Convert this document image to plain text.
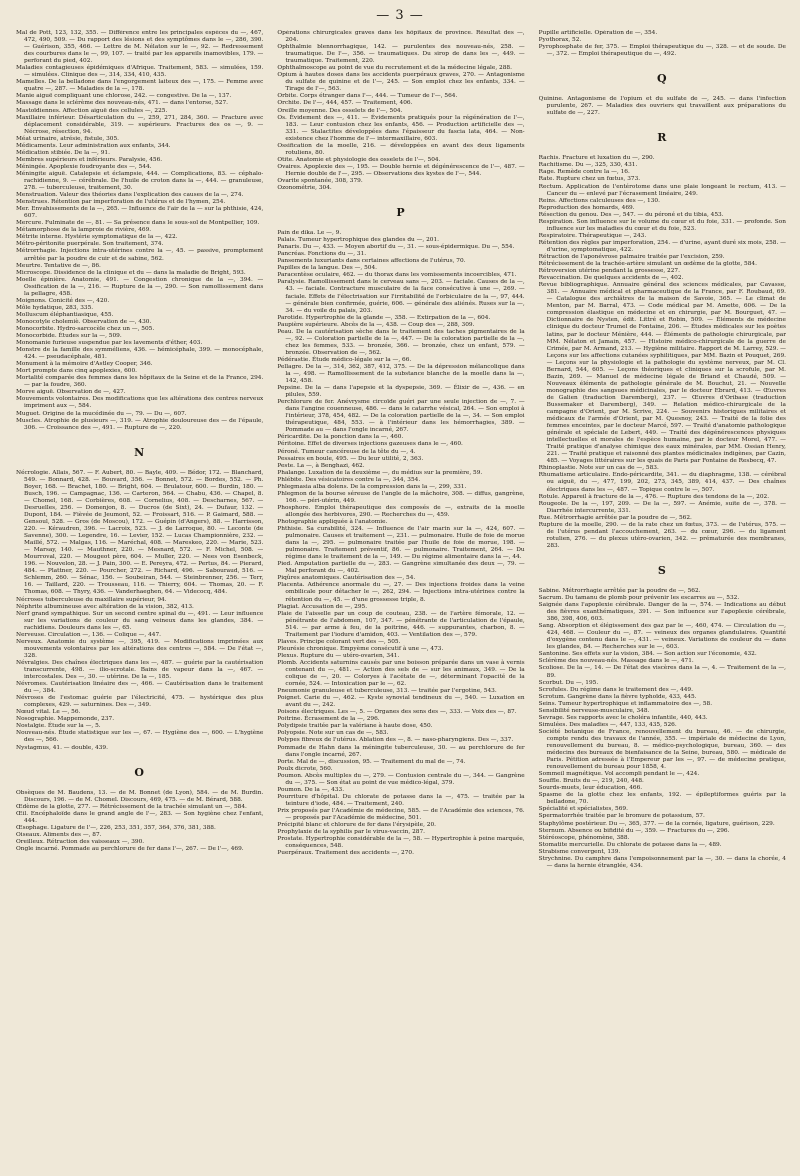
— 3 —

Mal de Pott, 123, 132, 355. — Différence entre les principales espèces du —, 467, 472, 490, 509. — Du rapport des lésions et des symptômes dans le —, 286, 390. — Guérison, 355, 466. — Lettre de M. Nélaton sur le —, 92. — Redressement des courbures dans le —, 99, 107. — traité par les appareils inamovibles, 179. — perforant du pied, 402.

Maladies contagieuses épidémiques d'Afrique. Traitement, 583. — simulées, 159. — simulées. Clinique des —, 314, 334, 410, 435.

Mamelles. De la belladone dans l'engorgement laiteux des —, 175. — Femme avec quatre —, 287. — Maladies de la —, 178.

Manie aiguë compliquant une chlorose, 242. — congestive. De la —, 137.

Massage dans le sclérème des nouveau-nés, 471. — dans l'entorse, 527.

Mastoïdiennes. Affection aiguë des cellules —, 225.

Maxillaire inférieur. Désarticulation du —, 259, 271, 284, 360. — Fracture avec déplacement considérable, 319. — supérieurs. Fractures des os —, 9. — Nécrose, résection, 94.

Méat urinaire, atrésie, fistule, 305.

Médicaments. Leur administration aux enfants, 344.

Médication stibiée. De la —, 91.

Membres supérieurs et inférieurs. Paralysie, 456.

Méningée. Apoplexie foudroyante des —, 544.

Méningite aiguë. Catalepsie et éclampsie, 444. — Complications, 83. — céphalo-rachidienne, 9. — cérébrale. De l'huile de croton dans la —, 444. — granuleuse, 278. — tuberculeuse, traitement, 30.

Menstruation. Valeur des théories dans l'explication des causes de la —, 274.

Menstrues. Rétention par imperforation de l'utérus et de l'hymen, 254.

Mer. Envahissements de la —, 265. — Influence de l'air de la — sur la phthisie, 424, 607.

Mercure. Fulminate de —, 81. — Sa présence dans le sous-sol de Montpellier, 109.

Métamorphose de la lamproie de rivière, 469.

Métrite interne. Hystérie symptomatique de la —, 422.

Métro-péritonite puerpérale. Son traitement, 374.

Métrorrhagie. Injections intra-utérines contre la —, 45. — passive, promptement arrêtée par la poudre de cuir et de sabine, 562.

Meurtre. Tentative de —, 86.

Microscope. Dissidence de la clinique et du — dans la maladie de Bright, 593.

Moelle épinière. Anatomie, 491. — Congestion chronique de la —, 394. — Ossification de la —, 216. — Rupture de la —, 290. — Son ramollissement dans la pellagre, 458.

Moignons. Conicité des —, 420.

Môle hydatique, 283, 335.

Molluscum éléphantiasique, 455.

Monocotyle cholemiè. Observation de —, 430.

Monocorbite. Hydro-sarcocèle chez un —, 505.

Monocorbide. Études sur la —, 509.

Monomanie furieuse suspendue par les lavements d'éther, 403.

Monstre de la famille des symméliens, 436. — hémicéphale, 399. — monocéphale, 424. — pseudacéphale, 481.

Monument à la mémoire d'Astley Cooper, 346.

Mort prompte dans cinq apoplexies, 600.

Mortalité comparée des femmes dans les hôpitaux de la Seine et de la France, 294. — par la foudre, 360.

Morve aiguë. Observation de —, 427.

Mouvements volontaires. Des modifications que les altérations des centres nerveux impriment aux —, 584.

Muguet. Origine de la mucédinée du —, 79. — Du —, 607.

Muscles. Atrophie de plusieurs —, 319. — Atrophie douloureuse des — de l'épaule, 306. — Croissance des —, 491. — Rupture de —, 220.

N

Nécrologie. Allais, 567. — F. Aubert, 80. — Bayle, 409. — Bédor, 172. — Blanchard, 549. — Bonnard, 428. — Bouvard, 356. — Bonnet, 572. — Bordes, 552. — Ph. Boyer, 168. — Brachet, 180. — Bright, 604. — Brulatour, 600. — Burdin, 180. — Busch, 196. — Campagnac, 136. — Carteron, 564. — Chabu, 436. — Chapel, 8. — Chomel, 168. — Corbières, 608. — Cornelius, 408. — Descharnes, 567. — Desruelles, 256. — Domenjon, 8. — Ducros (de Sixt), 24. — Dufaur, 132. — Dupont, 184. — Fièvée de Jeumont, 52. — Froissart, 516. — P. Gaimard, 588. — Gensoul, 528. — Gros (de Moscou), 172. — Guépin (d'Angers), 88. — Harrisson, 220. — Kéraudren, 396. — Lacroix, 523. — J. de Larroque, 80. — Leconte (de Savenne), 300. — Legendre, 16. — Levier, 152. — Lucas Championnière, 232. — Maillé, 572. — Malgas, 116. — Maréchal, 408. — Mareskeo, 220. — Marie, 523. — Marsay, 140. — Mauthner, 220. — Mesnard, 572. — F. Michel, 508. — Mourroval, 220. — Mougeot père, 604. — Muller, 220. — Nees von Esenbeck, 196. — Nouvelon, 28. — J. Pain, 300. — E. Pereyra, 472. — Pertus, 84. — Pierard, 484. — Plattner, 220. — Pourcher, 272. — Richard, 496. — Sabouraud, 516. — Schlemm, 260. — Sénac, 156. — Soubeiran, 544. — Steinbrenner, 256. — Terr, 16. — Taillard, 220. — Trousseau, 116. — Thierry, 604. — Thomas, 20. — F. Thomas, 608. — Thyry, 436. — Vanderhaeghen, 64. — Videcocq, 484.

Nécroses tuberculeuse du maxillaire supérieur, 94.

Néphrite albumineuse avec altération de la vision, 382, 413.

Nerf grand sympathique. Sur un second centre spinal du —, 491. — Leur influence sur les variations de couleur du sang veineux dans les glandes, 384. — rachidiens. Douleurs dans les —, 65.

Nerveuse. Circulation —, 136. — Colique —, 447.

Nerveux. Anatomie du système —, 395, 419. — Modifications imprimées aux mouvements volontaires par les altérations des centres —, 584. — De l'état —, 328.

Névralgies. Des chaînes électriques dans les —, 487. — guérie par la cautérisation transcurrente, 498. — ilio-scrotale. Bains de vapeur dans la —, 467. — intercostales. Des —, 30. — utérine. De la —, 185.

Névromes. Cautérisation linéaire des —, 466. — Cautérisation dans le traitement du —, 384.

Névroses de l'estomac guérie par l'électricité, 475. — hystérique des plus complexes, 429. — saturnines. Des —, 349.

Nœud vital. Le —, 56.

Nosographie. Mappemonde, 237.

Nostalgie. Étude sur la —, 5.

Nouveau-nés. Étude statistique sur les —, 67. — Hygiène des —, 600. — L'hygiène des —, 566.

Nystagmus, 41. — double, 439.

O

Obsèques de M. Baudens, 13. — de M. Bonnet (de Lyon), 584. — de M. Burdin. Discours, 196. — de M. Chomel. Discours, 469, 475. — de M. Bérard, 588.

Œdème de la glotte, 277. — Rétrécissement de la trachée simulant un —, 584.

Œil. Encéphaloïde dans le grand angle de l'—, 283. — Son hygiène chez l'enfant, 444.

Œsophage. Ligature de l'—, 226, 253, 351, 357, 364, 376, 381, 388.

Oiseaux. Aliments des —, 87.

Oreilleux. Rétraction des vaisseaux —, 390.

Ongle incarné. Pommade au perchlorure de fer dans l'—, 267. — De l'—, 469.

Opérations chirurgicales graves dans les hôpitaux de province. Résultat des —, 204.

Ophthalmie blennorrhagique, 142. — purulentes des nouveau-nés, 258. — traumatique. De l'—, 356. — traumatiques. Du sirop de dans les —, 449. — traumatique. Traitement, 220.

Ophthalmoscope au point de vue du recrutement et de la médecine légale, 288.

Opium à hautes doses dans les accidents puerpéraux graves, 270. — Antagonisme du sulfate de quinine et de l'—, 245. — Son emploi chez les enfants, 334. — Tirage de l'—, 563.

Orbite. Corps étranger dans l'—, 444. — Tumeur de l'—, 564.

Orchite. De l'—, 444, 457. — Traitement, 406.

Oreille moyenne. Des osselets de l'—, 504.

Os. Évidement des —, 411. — Évidements pratiqués pour la régénération de l'—, 183. — Leur contusion chez les enfants, 456. — Production artificielle des —, 331. — Stalactites développées dans l'épaisseur du fascia lata, 464. — Non-existence chez l'homme de l'— intermaxillaire, 603.

Ossification de la moelle, 216. — développées en avant des deux ligaments rotuliens, 80.

Otite. Anatomie et physiologie des osselets de l'—, 504.

Ovaires. Apoplexie des —, 195. — Double hernie et dégénérescence de l'—, 487. — Hernie double de l'—, 295. — Observations des kystes de l'—, 544.

Ovarite spontanée, 308, 379.

Ozonométrie, 304.

P

Pain de dika. Le —, 9.

Palais. Tumeur hypertrophique des glandes du —, 201.

Panaris. Du —, 433. — Moyen abortif du —, 31. — sous-épidermique. Du —, 554.

Pancréas. Fonctions du —, 31.

Pansements luxuriants dans certaines affections de l'utérus, 70.

Papilles de la langue. Des —, 504.

Paracentèse oculaire, 462. — du thorax dans les vomissements incoercibles, 471.

Paralysie. Ramollissement dans le cerveau sans —, 203. — faciale. Causes de la —, 43. — faciale. Contracture musculaire de la face consécutive à une —, 269. — faciale. Effets de l'électrisation sur l'irritabilité de l'orbiculaire de la —, 97, 444. — générale bien confirmée, guérie, 606. — générale des aliénés. Ruses sur la —, 34. — du voile du palais, 203.

Parotide. Hypertrophie de la glande —, 358. — Extirpation de la —, 604.

Paupière supérieure. Abcès de la —, 438. — Coup des —, 288, 309.

Peau. De la cautérisation sèche dans le traitement des taches pigmentaires de la —, 92. — Coloration partielle de la —, 447. — De la coloration partielle de la —, chez les femmes, 533. — bronzée, 366. — bronzée, chez un enfant, 579. — bronzée. Observation de —, 562.

Pédérastie. Étude médico-légale sur la —, 66.

Pellagre. De la —, 314, 362, 387, 412, 375. — De la dépression mélancolique dans la —, 498. — Ramollissement de la substance blanche de la moelle dans la —, 142, 458.

Pepsine. De la — dans l'apepsie et la dyspepsie, 369. — Élixir de —, 436. — en pilules, 559.

Perchlorure de fer. Anévrysme circoïde guéri par une seule injection de —, 7. — dans l'angine couenneuse, 486. — dans le catarrhe vésical, 264. — Son emploi à l'intérieur, 378, 454, 482. — De la coloration partielle de la —, 34. — Son emploi thérapeutique, 484, 553. — à l'intérieur dans les hémorrhagies, 389. — Pommade au — dans l'ongle incarné, 267.

Péricardite. De la ponction dans la —, 460.

Péritoine. Effet de diverses injections gazeuses dans le —, 460.

Péroné. Tumeur cancéreuse de la tête du —, 4.

Pessaires en boule, 495. — Du leur utilité, 2, 363.

Peste. La —, à Benghazi, 462.

Phalange. Luxation de la deuxième —, du médius sur la première, 59.

Phlébite. Des vésicatoires contre la —, 344, 354.

Phlegmasia alba dolens. De la compression dans la —, 299, 331.

Phlegmon de la bourse séreuse de l'angle de la mâchoire, 308. — diffus, gangrène, 166. — péri-utérin, 449.

Phosphore. Emploi thérapeutique des composés de —, extraits de la moelle allongée des herbivores, 290. — Recherches du —, 459.

Photographie appliquée à l'anatomie.

Phthisie. Sa curabilité, 324. — Influence de l'air marin sur la —, 424, 607. — pulmonaire. Causes et traitement —, 231. — pulmonaire. Huile de foie de morue dans la —, 295. — pulmonaire traitée par l'huile de foie de morue, 198. — pulmonaire. Traitement préventif, 86. — pulmonaire. Traitement, 264. — Du régime dans le traitement de la —, 149. — Du régime alimentaire dans la —, 44.

Pied. Amputation partielle du —, 283. — Gangrène simultanée des deux —, 79. — Mal perforant du —, 402.

Piqûres anatomiques. Cautérisation des —, 54.

Placenta. Adhérence anormale du —, 27. — Des injections froides dans la veine ombilicale pour détacher le —, 262, 294. — Injections intra-utérines contre la rétention du —, 45. — d'une grossesse triple, 8.

Plagiat. Accusation de —, 295.

Plaie de l'aisselle par un coup de couteau, 238. — de l'artère fémorale, 12. — pénétrante de l'abdomen, 107, 347. — pénétrante de l'articulation de l'épaule, 514. — par arme à feu, de la poitrine, 446. — suppurantes, charbon, 8. — Traitement par l'iodure d'amidon, 403. — Ventilation des —, 579.

Plaves. Principe colorant vert des —, 505.

Pleurésie chronique. Empyème consécutif à une —, 473.

Plexus. Rupture du — utéro-ovarien, 341.

Plomb. Accidents saturnins causés par une boisson préparée dans un vase à vernis contenant du —, 481. — Action des sels de — sur les animaux, 349. — De la colique de —, 20. — Coloryes à l'acétate de —, déterminant l'opacité de la cornée, 524. — Intoxication par le —, 62.

Pneumonie granuleuse et tuberculeuse, 313. — traitée par l'ergotine, 543.

Poignet. Carie du —, 462. — Kyste synovial tendineux du —, 540. — Luxation en avant du —, 242.

Poisons électriques. Les —, 5. — Organes des sens des —, 333. — Voix des —, 87.

Poitrine. Écrasement de la —, 296.

Polydipsie traitée par la valériane à haute dose, 450.

Polyopsie. Note sur un cas de —, 583.

Polypes fibreux de l'utérus. Ablation des —, 8. — naso-pharyngiens. Des —, 337.

Pommade de Hahn dans la méningite tuberculeuse, 30. — au perchlorure de fer dans l'ongle incarné, 267.

Porte. Mal de —, discussion, 95. — Traitement du mal de —, 74.

Poulx dicrote, 560.

Poumon. Abcès multiples du —, 279. — Contusion centrale du —, 344. — Gangrène du —, 375. — Son état au point de vue médico-légal, 379.

Poumon. De la —, 433.

Pourriture d'hôpital. Du chlorate de potasse dans la —, 475. — traitée par la teinture d'iode, 484. — Traitement, 240.

Prix proposés par l'Académie de médecine, 585. — de l'Académie des sciences, 76. — proposés par l'Académie de médecine, 501.

Précipité blanc et chlorure de fer dans l'érysipèle, 20.

Prophylaxie de la syphilis par le virus-vaccin, 287.

Prostate. Hypertrophie considérable de la —, 58. — Hypertrophie à peine marquée, conséquences, 548.

Puerpéraux. Traitement des accidents —, 270.

Pupille artificielle. Opération de —, 354.

Pyothorax, 52.

Pyrophosphate de fer, 375. — Emploi thérapeutique du —, 328. — et de soude. De —, 372. — Emploi thérapeutique du —, 492.

Q

Quinine. Antagonisme de l'opium et du sulfate de —, 245. — dans l'infection purulente, 267. — Maladies des ouvriers qui travaillent aux préparations du sulfate de —, 227.

R

Rachis. Fracture et luxation du —, 290.

Rachitisme. Du —, 325, 330, 431.

Rage. Remède contre la —, 16.

Rate. Rupture chez un fœtus, 373.

Rectum. Application de l'entérotome dans une plaie longeant le rectum, 413. — Cancer du — enlevé par l'écrasement linéaire, 249.

Reins. Affections calculeuses des —, 130.

Reproduction des homards, 469.

Résection du genou. Des —, 547. — du péroné et du tibia, 453.

Respiration. Son influence sur le volume du cœur et du foie, 331. — profonde. Son influence sur les maladies du cœur et du foie, 523.

Respiratoire. Thérapeutique —, 243.

Rétention des règles par imperforation, 254. — d'urine, ayant duré six mois, 258. — d'urine, symptomatique, 422.

Rétraction de l'aponévrose palmaire traitée par l'excision, 259.

Rétrécissement de la trachée-artère simulant un œdème de la glotte, 584.

Rétroversion utérine pendant la grossesse, 227.

Revaccination. De quelques accidents de —, 402.

Revue bibliographique. Annuaire général des sciences médicales, par Cavasse, 381. — Annuaire médical et pharmaceutique de la France, par F. Roubaud, 69. — Catalogue des archiâtres de la maison de Savoie, 365. — Le climat de Menton, par M. Barral, 473. — Code médical par M. Amette, 606. — De la compression élastique en médecine et en chirurgie, par M. Bourguet, 47. — Dictionnaire de Nysten, édit. Littré et Robin, 509. — Éléments de médecine clinique du docteur Trumel de Fontaine, 206. — Études médicales sur les poètes latins, par le docteur Ménière, 444. — Éléments de pathologie chirurgicale, par MM. Nélaton et Jamain, 457. — Histoire médico-chirurgicale de la guerre de Crimée, par M. Armand, 213. — Hygiène militaire. Rapport de M. Larrey, 529. — Leçons sur les affections cutanées syphilitiques, par MM. Bazin et Pouquet, 269. — Leçons sur la physiologie et la pathologie du système nerveux, par M. Cl. Bernard, 544, 605. — Leçons théoriques et cliniques sur la scrofule, par M. Bazin, 269. — Manuel de médecine légale de Briand et Chaudé, 509. — Nouveaux éléments de pathologie générale de M. Bouchut, 21. — Nouvelle monographie des sangsues médicinales, par le docteur Ebrard, 413. — Œuvres de Galien (traduction Daremberg), 237. — Œuvres d'Oribase (traduction Bussemaker et Daremberg), 349. — Relation médico-chirurgicale de la campagne d'Orient, par M. Scrive, 224. — Souvenirs historiques militaires et médicaux de l'armée d'Orient, par M. Quesnoy, 243. — Traité de la folie des femmes enceintes, par le docteur Marcé, 597. — Traité d'anatomie pathologique générale et spéciale de Lebert, 449. — Traité des dégénérescences physiques intellectuelles et morales de l'espèce humaine, par le docteur Morel, 477. — Traité pratique d'analyse chimique des eaux minérales, par MM. Ossian Henry, 221. — Traité pratique et raisonné des plantes médicinales indigènes, par Cazin, 485. — Voyages littéraires sur les quais de Paris par Fontaine de Resbecq, 47.

Rhinoplastie. Note sur un cas de —, 583.

Rhumatisme articulaire. Endo-péricardite, 341. — du diaphragme, 138. — cérébral ou aiguë, du —, 477, 199, 202, 273, 345, 389, 414, 437. — Des chaînes électriques dans les —, 487. — Topique contre le —, 507.

Rotule. Appareil à fracture de la —, 476. — Rupture des tendons de la —, 202.

Rougeole. De la —, 197, 209. — De la —, 597. — Anémie, suite de —, 378. — Diarrhée intercurrente, 331.

Rue. Métrorrhagie arrêtée par la poudre de —, 562.

Rupture de la moelle, 290. — de la rate chez un fœtus, 373. — de l'utérus, 575. — de l'utérus pendant l'accouchement, 263. — du cœur, 296. — du ligament rotulien, 276. — du plexus utéro-ovarien, 342. — prématurée des membranes, 283.

S

Sabine. Métrorrhagie arrêtée par la poudre de —, 562.

Sacrum. Du tamanu de plomb pour prévenir les escarres au —, 532.

Saignée dans l'apoplexie cérébrale. Danger de la —, 574. — Indications au début des fièvres exanthématiques, 391. — Son influence sur l'apoplexie cérébrale, 386, 398, 406, 603.

Sang. Absorption et élégissement des gaz par le —, 460, 474. — Circulation du —, 424, 468. — Couleur du —, 87. — veineux des organes glandulaires. Quantité d'oxygène contenu dans le —, 431. — veineux. Variations de couleur du — dans les glandes, 84. — Recherches sur le —, 603.

Santonine. Ses effets sur la vision, 384. — Son action sur l'économie, 432.

Sclérème des nouveau-nés. Massage dans le —, 471.

Scoliose. De la —, 14. — De l'état des viscères dans la —, 4. — Traitement de la —, 89.

Scorbut. Du —, 195.

Scrofules. Du régime dans le traitement des —, 449.

Scrotum. Gangrène dans la fièvre typhoïde, 433, 445.

Seins. Tumeur hypertrophique et inflammatoire des —, 58.

Sensibilité nerveuse-musculaire, 348.

Sevrage. Ses rapports avec le choléra infantile, 440, 443.

Simulées. Des maladies —, 447, 133, 435, 526.

Société botanique de France, renouvellement du bureau, 46. — de chirurgie, compte rendu des travaux de l'année, 355. — impériale de médecine de Lyon, renouvellement du bureau, 8. — médico-psychologique, bureau, 360. — des médecins des bureaux de bienfaisance de la Seine, bureau, 580. — médicale de Paris. Pétition adressée à l'Empereur par les —, 97. — de médecine pratique, renouvellement du bureau pour 1858, 4.

Sommeil magnétique. Vol accompli pendant le —, 424.

Souffle. Bruits du —, 219, 240, 448.

Sourds-muets, leur éducation, 466.

Spasme de la glotte chez les enfants, 192. — épileptiformes guéris par la belladone, 70.

Spécialité et spécialistes, 569.

Spermatorrhée traitée par le bromure de potassium, 57.

Staphylôme postérieur. Du —, 365, 377. — de la cornée, ligature, guérison, 229.

Sternum. Absence ou bifidité du —, 359. — Fractures du —, 296.

Stéréoscope, phénomène, 388.

Stomatite mercurielle. Du chlorate de potasse dans la —, 489.

Strabisme convergent, 139.

Strychnine. Du camphre dans l'empoisonnement par la —, 30. — dans la chorée, 4 — dans la hernie étranglée, 434.
